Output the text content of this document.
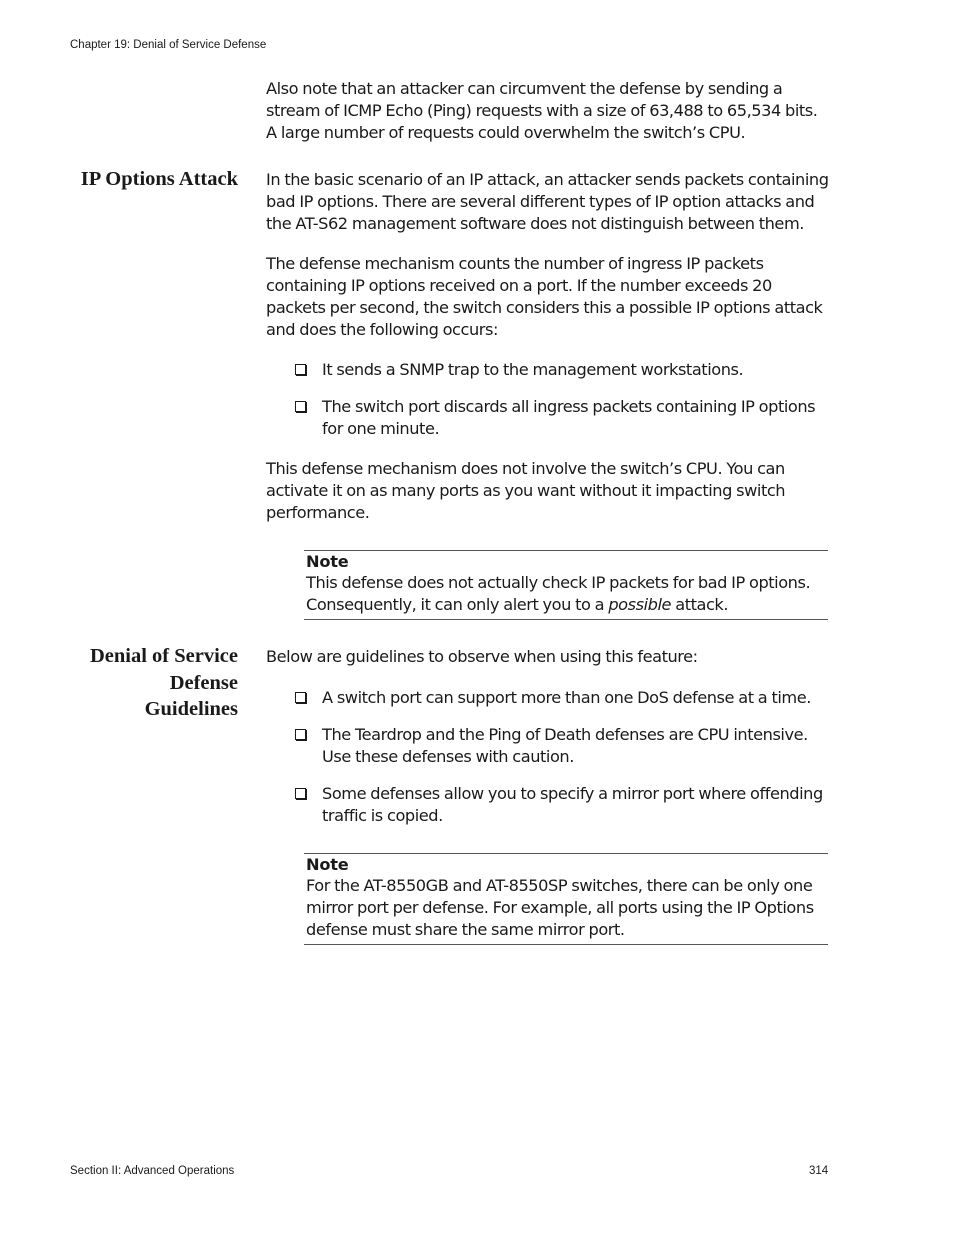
Chapter 19: Denial of Service Defense

Also note that an attacker can circumvent the defense by sending a stream of ICMP Echo (Ping) requests with a size of 63,488 to 65,534 bits. A large number of requests could overwhelm the switch’s CPU.

IP Options Attack In the basic scenario of an IP attack, an attacker sends packets containing bad IP options. There are several different types of IP option attacks and the AT-S62 management software does not distinguish between them.

The defense mechanism counts the number of ingress IP packets containing IP options received on a port. If the number exceeds 20 packets per second, the switch considers this a possible IP options attack and does the following occurs:

It sends a SNMP trap to the management workstations.
The switch port discards all ingress packets containing IP options for one minute.

This defense mechanism does not involve the switch’s CPU. You can activate it on as many ports as you want without it impacting switch performance.

Note
This defense does not actually check IP packets for bad IP options. Consequently, it can only alert you to a possible attack.
Denial of Service
Defense
Guidelines

Below are guidelines to observe when using this feature:

A switch port can support more than one DoS defense at a time.
The Teardrop and the Ping of Death defenses are CPU intensive. Use these defenses with caution.
Some defenses allow you to specify a mirror port where offending traffic is copied.
Note
For the AT-8550GB and AT-8550SP switches, there can be only one mirror port per defense. For example, all ports using the IP Options defense must share the same mirror port.
Section II: Advanced Operations	314
